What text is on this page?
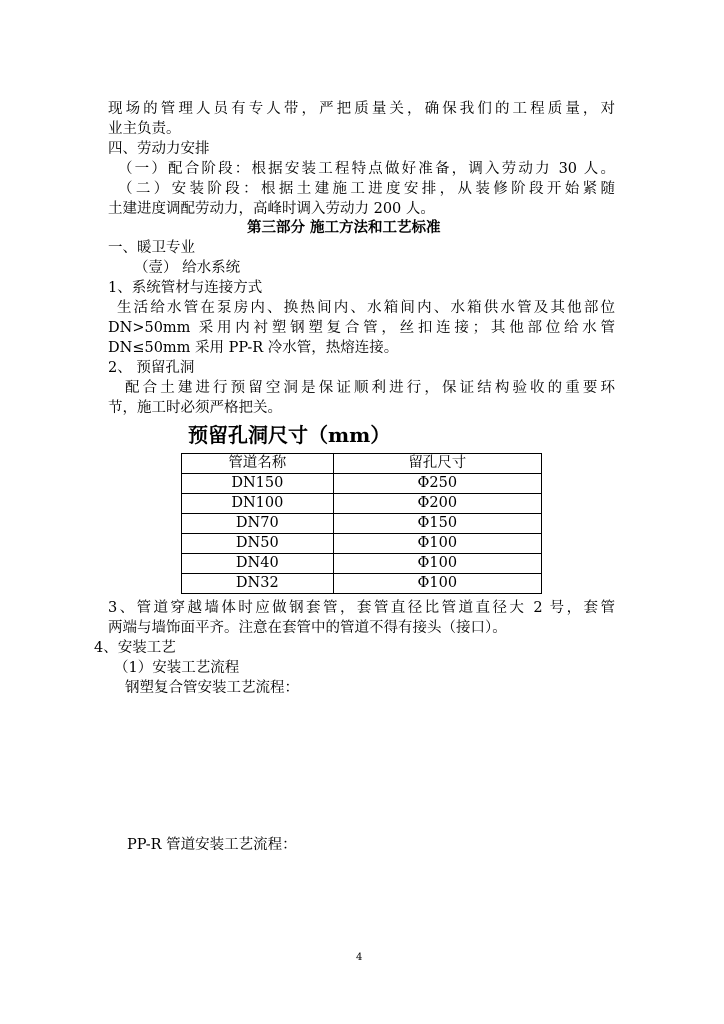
现场的管理人员有专人带，严把质量关，确保我们的工程质量，对
业主负责。
四、劳动力安排
（一）配合阶段：根据安装工程特点做好准备，调入劳动力 30 人。
（二）安装阶段：根据土建施工进度安排，从装修阶段开始紧随
土建进度调配劳动力，高峰时调入劳动力 200 人。
第三部分 施工方法和工艺标准
一、暖卫专业
（壹） 给水系统
1、系统管材与连接方式
生活给水管在泵房内、换热间内、水箱间内、水箱供水管及其他部位
DN>50mm 采用内衬塑钢塑复合管，丝扣连接；其他部位给水管
DN≤50mm 采用 PP-R 冷水管，热熔连接。
2、 预留孔洞
配合土建进行预留空洞是保证顺利进行，保证结构验收的重要环
节，施工时必须严格把关。
预留孔洞尺寸（mm）
管道名称	留孔尺寸
DN150	Φ250
DN100	Φ200
DN70	Φ150
DN50	Φ100
DN40	Φ100
DN32	Φ100
3、管道穿越墙体时应做钢套管，套管直径比管道直径大 2 号，套管
两端与墙饰面平齐。注意在套管中的管道不得有接头（接口）。
4、安装工艺
（1）安装工艺流程
钢塑复合管安装工艺流程：
PP-R 管道安装工艺流程：
4
